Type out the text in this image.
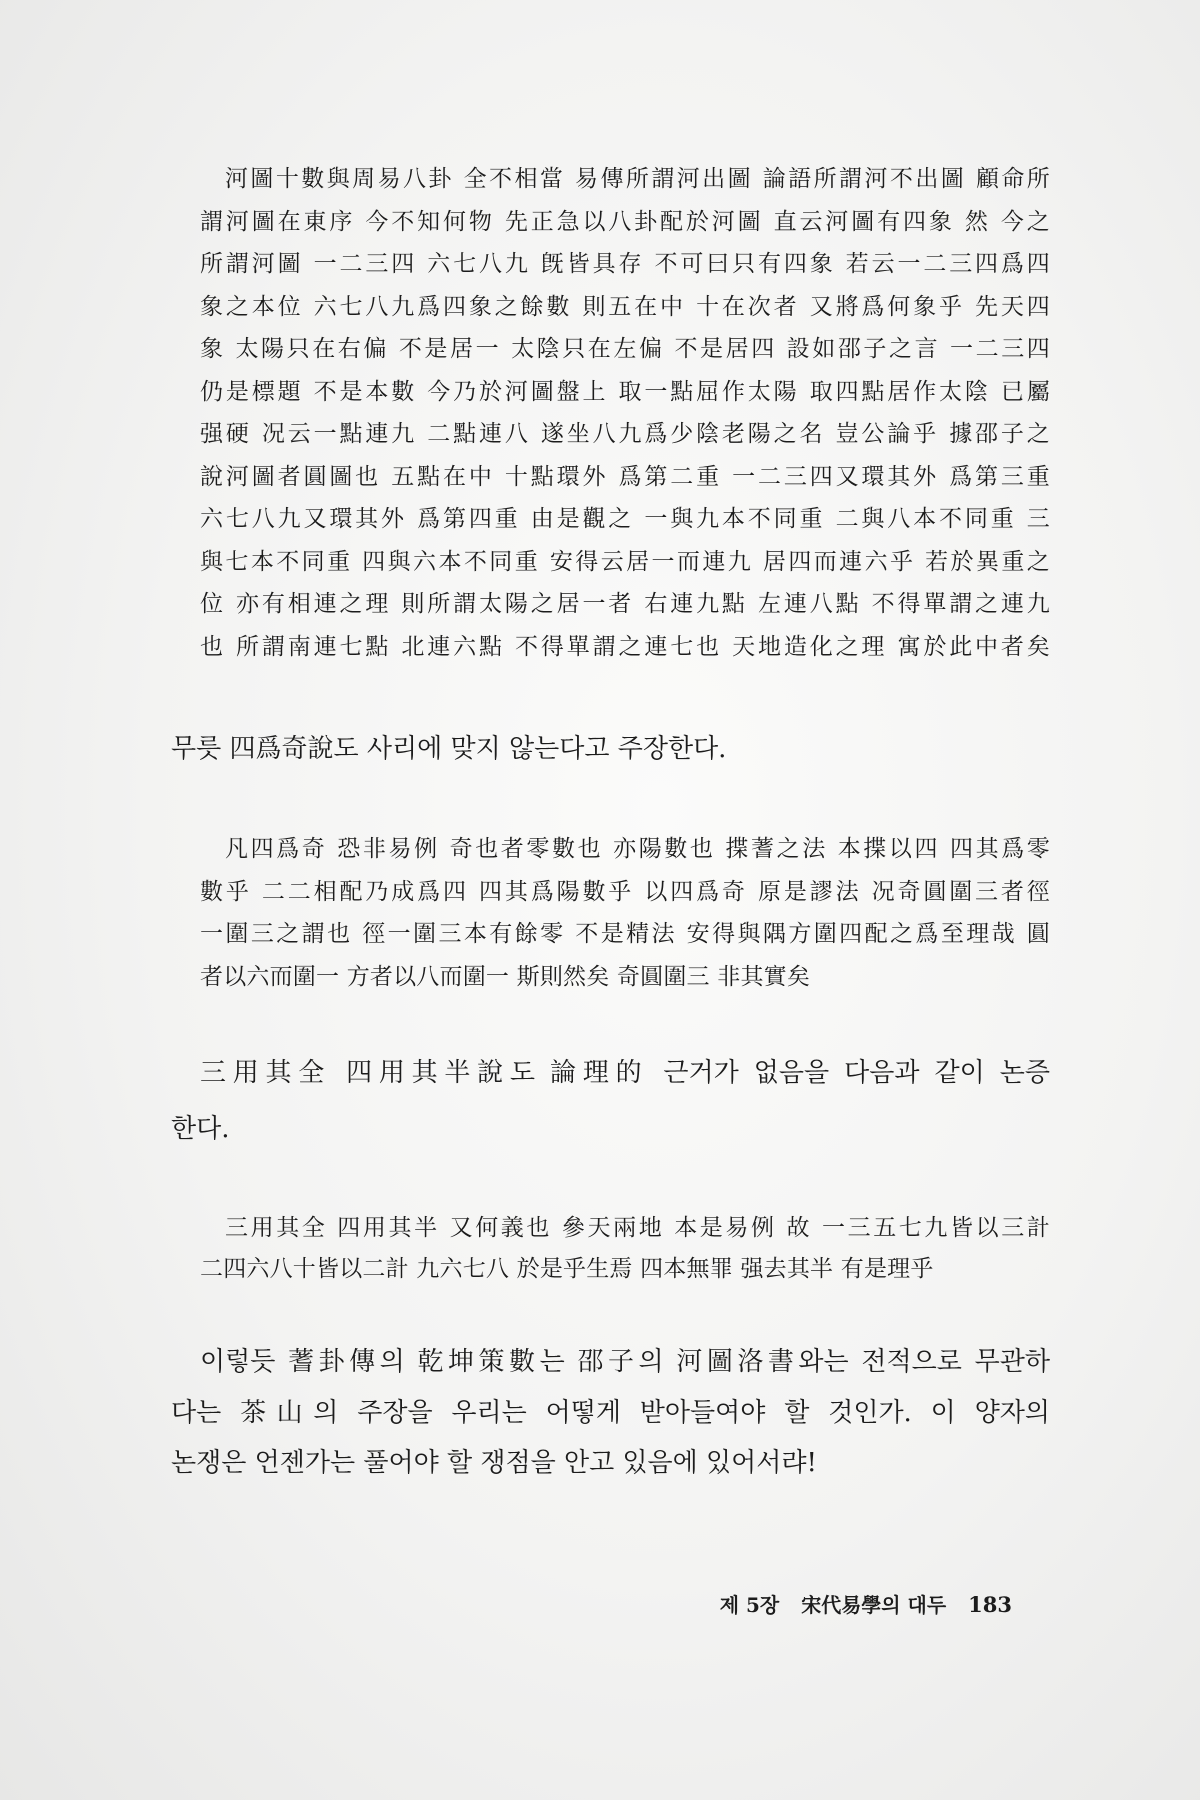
河圖十數與周易八卦 全不相當 易傳所謂河出圖 論語所謂河不出圖 顧命所
謂河圖在東序 今不知何物 先正急以八卦配於河圖 直云河圖有四象 然 今之
所謂河圖 一二三四 六七八九 旣皆具存 不可曰只有四象 若云一二三四爲四
象之本位 六七八九爲四象之餘數 則五在中 十在次者 又將爲何象乎 先天四
象 太陽只在右偏 不是居一 太陰只在左偏 不是居四 設如邵子之言 一二三四
仍是標題 不是本數 今乃於河圖盤上 取一點屈作太陽 取四點居作太陰 已屬
强硬 况云一點連九 二點連八 遂坐八九爲少陰老陽之名 豈公論乎 據邵子之
說河圖者圓圖也 五點在中 十點環外 爲第二重 一二三四又環其外 爲第三重
六七八九又環其外 爲第四重 由是觀之 一與九本不同重 二與八本不同重 三
與七本不同重 四與六本不同重 安得云居一而連九 居四而連六乎 若於異重之
位 亦有相連之理 則所謂太陽之居一者 右連九點 左連八點 不得單謂之連九
也 所謂南連七點 北連六點 不得單謂之連七也 天地造化之理 寓於此中者矣
무릇 四爲奇說도 사리에 맞지 않는다고 주장한다.
凡四爲奇 恐非易例 奇也者零數也 亦陽數也 揲蓍之法 本揲以四 四其爲零
數乎 二二相配乃成爲四 四其爲陽數乎 以四爲奇 原是謬法 况奇圓圍三者徑
一圍三之謂也 徑一圍三本有餘零 不是精法 安得與隅方圍四配之爲至理哉 圓
者以六而圍一 方者以八而圍一 斯則然矣 奇圓圍三 非其實矣
三用其全 四用其半說도 論理的 근거가 없음을 다음과 같이 논증
한다.
三用其全 四用其半 又何義也 參天兩地 本是易例 故 一三五七九皆以三計
二四六八十皆以二計 九六七八 於是乎生焉 四本無罪 强去其半 有是理乎
이렇듯 蓍卦傳의 乾坤策數는 邵子의 河圖洛書와는 전적으로 무관하
다는 茶山의 주장을 우리는 어떻게 받아들여야 할 것인가. 이 양자의
논쟁은 언젠가는 풀어야 할 쟁점을 안고 있음에 있어서랴!
제 5장 宋代易學의 대두 183
